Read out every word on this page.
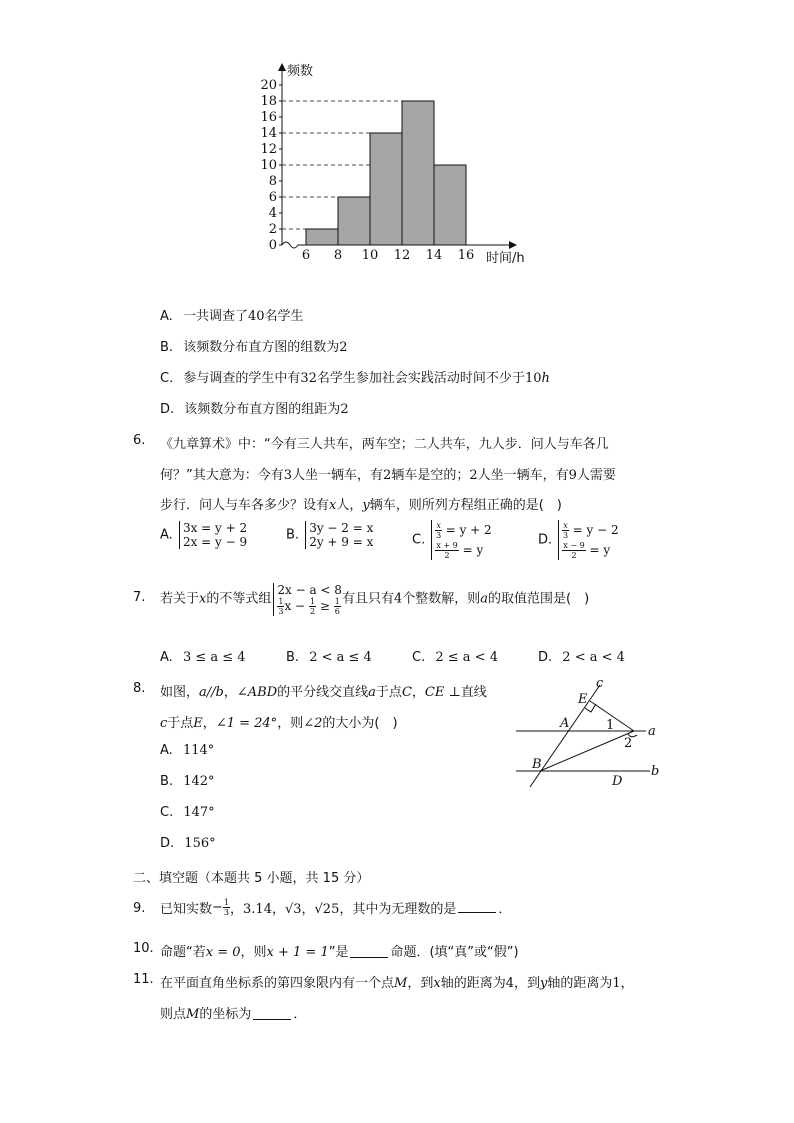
0
2
4
6
8
10
12
14
16
18
20
6 8 10 12 14 16
频数
时间/h
A. 一共调查了40名学生
B. 该频数分布直方图的组数为2
C. 参与调查的学生中有32名学生参加社会实践活动时间不少于10h
D. 该频数分布直方图的组距为2
6. 《九章算术》中：“今有三人共车，两车空；二人共车，九人步．问人与车各几
何？”其大意为：今有3人坐一辆车，有2辆车是空的；2人坐一辆车，有9人需要
步行．问人与车各多少？设有x人，y辆车，则所列方程组正确的是(　)
A. 3x = y + 2
2x = y − 9	B. 3y − 2 = x
2y + 9 = x	C. $\frac{x}{3} = y + 2$
$\frac{x + 9}{2} = y$
D. $\frac{x}{3} = y - 2$
$\frac{x - 9}{2} = y$
7. 若关于x的不等式组
2x − a < 8
$\frac{1}{3}$ $x - \frac{1}{2} \ge \frac{1}{6}$ 有且只有4个整数解，则a的取值范围是(　)
A. 3 ≤ a ≤ 4	B. 2 < a ≤ 4	C. 2 ≤ a < 4	D. 2 < a < 4
8. 如图，a//b，∠ABD的平分线交直线a于点C，CE ⊥直线
c于点E，∠1 = 24°，则∠2的大小为(　)
A. 114°
B. 142°
C. 147°
D. 156°
c
E
A	1	a
2
B
D
b
二、填空题（本题共 5 小题，共 15 分）
9. 已知实数− $\frac{1}{3}$ ，3.14，√3，√25，其中为无理数的是	．
10. 命题“若x = 0，则x + 1 = 1”是	命题．(填“真”或“假”)
11. 在平面直角坐标系的第四象限内有一个点M，到x轴的距离为4，到y轴的距离为1，
则点M的坐标为	．
